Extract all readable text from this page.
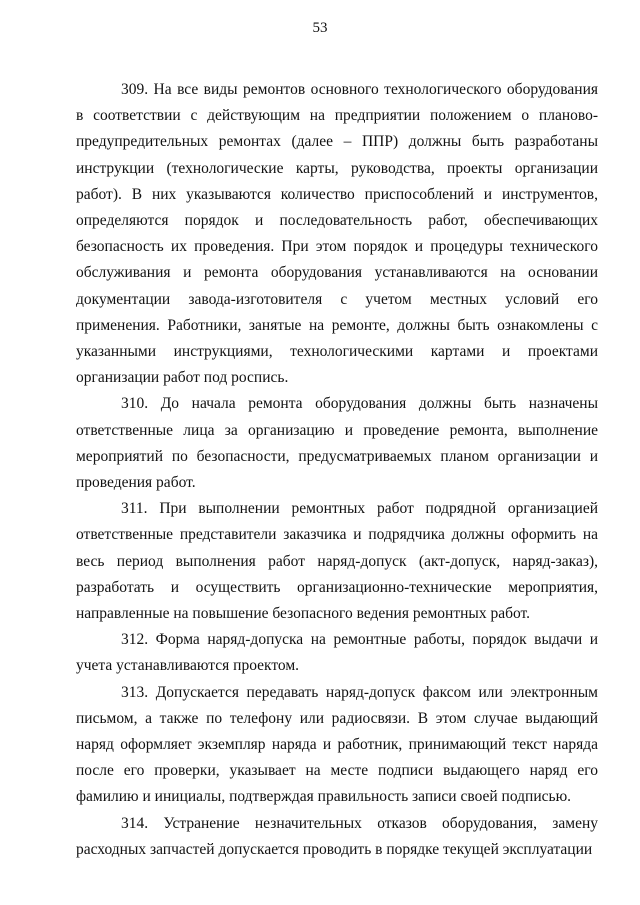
53

309. На все виды ремонтов основного технологического оборудования в соответствии с действующим на предприятии положением о планово-предупредительных ремонтах (далее – ППР) должны быть разработаны инструкции (технологические карты, руководства, проекты организации работ). В них указываются количество приспособлений и инструментов, определяются порядок и последовательность работ, обеспечивающих безопасность их проведения. При этом порядок и процедуры технического обслуживания и ремонта оборудования устанавливаются на основании документации завода-изготовителя с учетом местных условий его применения. Работники, занятые на ремонте, должны быть ознакомлены с указанными инструкциями, технологическими картами и проектами организации работ под роспись.

310. До начала ремонта оборудования должны быть назначены ответственные лица за организацию и проведение ремонта, выполнение мероприятий по безопасности, предусматриваемых планом организации и проведения работ.

311. При выполнении ремонтных работ подрядной организацией ответственные представители заказчика и подрядчика должны оформить на весь период выполнения работ наряд-допуск (акт-допуск, наряд-заказ), разработать и осуществить организационно-технические мероприятия, направленные на повышение безопасного ведения ремонтных работ.

312. Форма наряд-допуска на ремонтные работы, порядок выдачи и учета устанавливаются проектом.

313. Допускается передавать наряд-допуск факсом или электронным письмом, а также по телефону или радиосвязи. В этом случае выдающий наряд оформляет экземпляр наряда и работник, принимающий текст наряда после его проверки, указывает на месте подписи выдающего наряд его фамилию и инициалы, подтверждая правильность записи своей подписью.

314. Устранение незначительных отказов оборудования, замену расходных запчастей допускается проводить в порядке текущей эксплуатации
